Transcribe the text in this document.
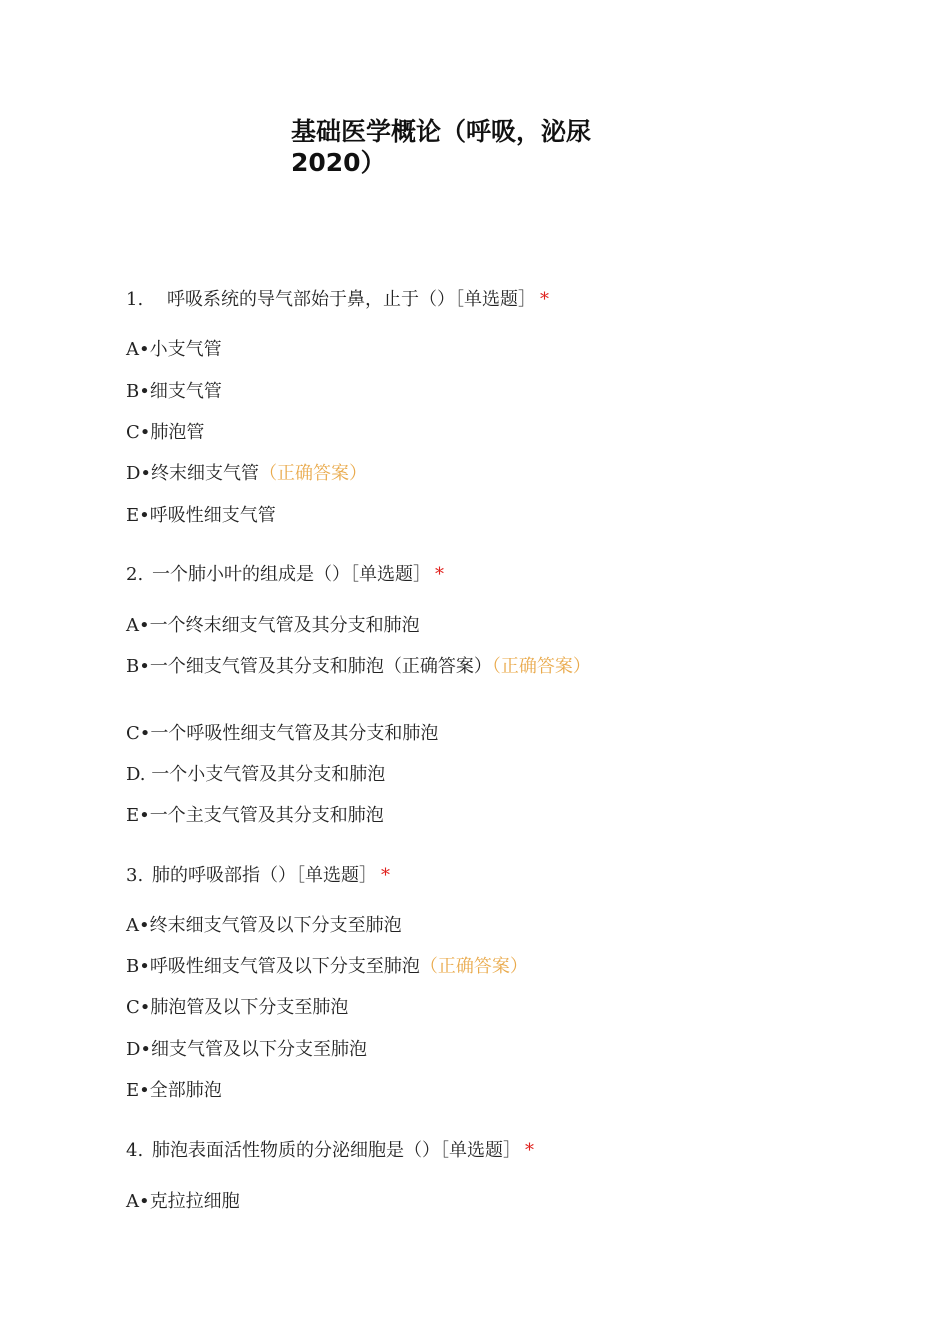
基础医学概论（呼吸，泌尿2020）
1. 呼吸系统的导气部始于鼻，止于（）［单选题］ *
A•小支气管
B•细支气管
C•肺泡管
D•终末细支气管（正确答案）
E•呼吸性细支气管
2. 一个肺小叶的组成是（）［单选题］ *
A•一个终末细支气管及其分支和肺泡
B•一个细支气管及其分支和肺泡（正确答案）（正确答案）
C•一个呼吸性细支气管及其分支和肺泡
D. 一个小支气管及其分支和肺泡
E•一个主支气管及其分支和肺泡
3. 肺的呼吸部指（）［单选题］ *
A•终末细支气管及以下分支至肺泡
B•呼吸性细支气管及以下分支至肺泡（正确答案）
C•肺泡管及以下分支至肺泡
D•细支气管及以下分支至肺泡
E•全部肺泡
4. 肺泡表面活性物质的分泌细胞是（）［单选题］ *
A•克拉拉细胞
